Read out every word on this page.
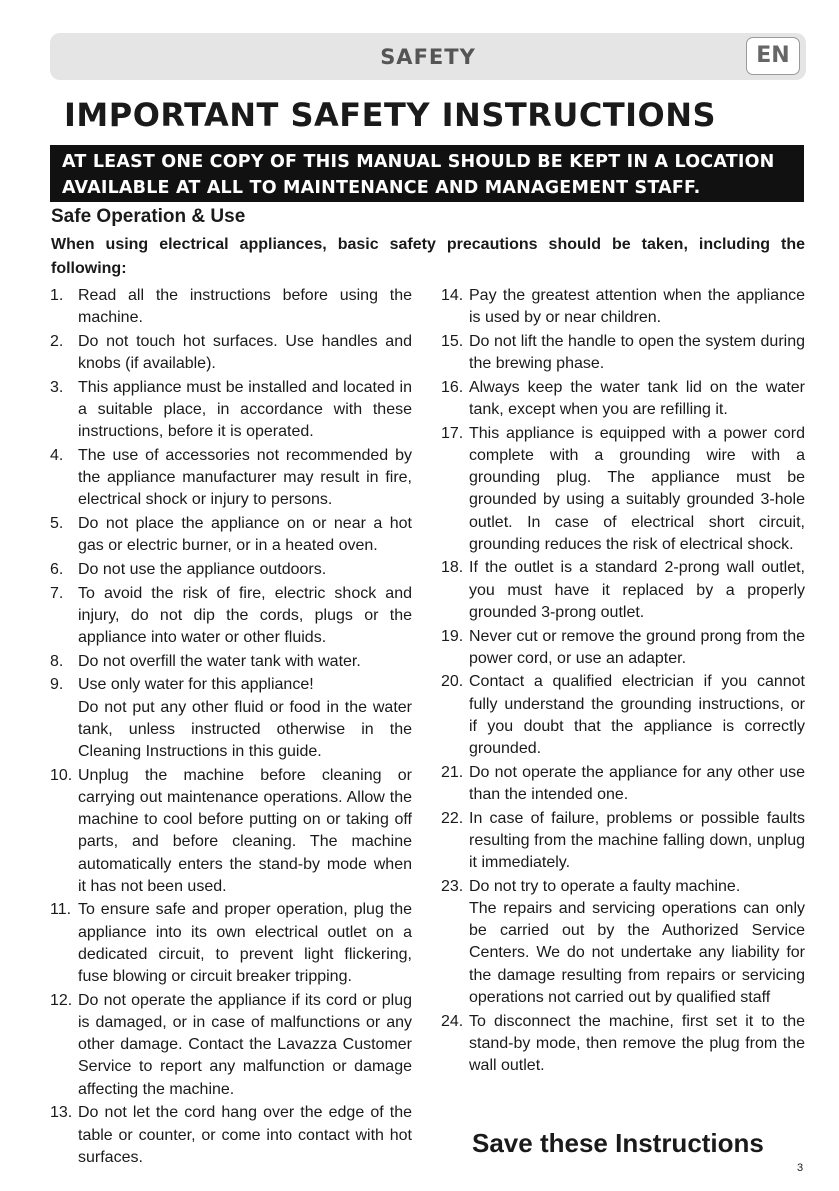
SAFETY	EN
IMPORTANT SAFETY INSTRUCTIONS
AT LEAST ONE COPY OF THIS MANUAL SHOULD BE KEPT IN A LOCATION
AVAILABLE AT ALL TO MAINTENANCE AND MANAGEMENT STAFF.
Safe Operation & Use
When using electrical appliances, basic safety precautions should be taken, including the following:
1. Read all the instructions before using the machine.
2. Do not touch hot surfaces. Use handles and knobs (if available).
3. This appliance must be installed and located in a suitable place, in accordance with these instructions, before it is operated.
4. The use of accessories not recommended by the appliance manufacturer may result in fire, electrical shock or injury to persons.
5. Do not place the appliance on or near a hot gas or electric burner, or in a heated oven.
6. Do not use the appliance outdoors.
7. To avoid the risk of fire, electric shock and injury, do not dip the cords, plugs or the appliance into water or other fluids.
8. Do not overfill the water tank with water.
9. Use only water for this appliance!
Do not put any other fluid or food in the water tank, unless instructed otherwise in the Cleaning Instructions in this guide.
10. Unplug the machine before cleaning or carrying out maintenance operations. Allow the machine to cool before putting on or taking off parts, and before cleaning. The machine automatically enters the stand-by mode when it has not been used.
11. To ensure safe and proper operation, plug the appliance into its own electrical outlet on a dedicated circuit, to prevent light flickering, fuse blowing or circuit breaker tripping.
12. Do not operate the appliance if its cord or plug is damaged, or in case of malfunctions or any other damage. Contact the Lavazza Customer Service to report any malfunction or damage affecting the machine.
13. Do not let the cord hang over the edge of the table or counter, or come into contact with hot surfaces.
14. Pay the greatest attention when the appliance is used by or near children.
15. Do not lift the handle to open the system during the brewing phase.
16. Always keep the water tank lid on the water tank, except when you are refilling it.
17. This appliance is equipped with a power cord complete with a grounding wire with a grounding plug. The appliance must be grounded by using a suitably grounded 3-hole outlet. In case of electrical short circuit, grounding reduces the risk of electrical shock.
18. If the outlet is a standard 2-prong wall outlet, you must have it replaced by a properly grounded 3-prong outlet.
19. Never cut or remove the ground prong from the power cord, or use an adapter.
20. Contact a qualified electrician if you cannot fully understand the grounding instructions, or if you doubt that the appliance is correctly grounded.
21. Do not operate the appliance for any other use than the intended one.
22. In case of failure, problems or possible faults resulting from the machine falling down, unplug it immediately.
23. Do not try to operate a faulty machine.
The repairs and servicing operations can only be carried out by the Authorized Service Centers. We do not undertake any liability for the damage resulting from repairs or servicing operations not carried out by qualified staff
24. To disconnect the machine, first set it to the stand-by mode, then remove the plug from the wall outlet.
Save these Instructions
3
